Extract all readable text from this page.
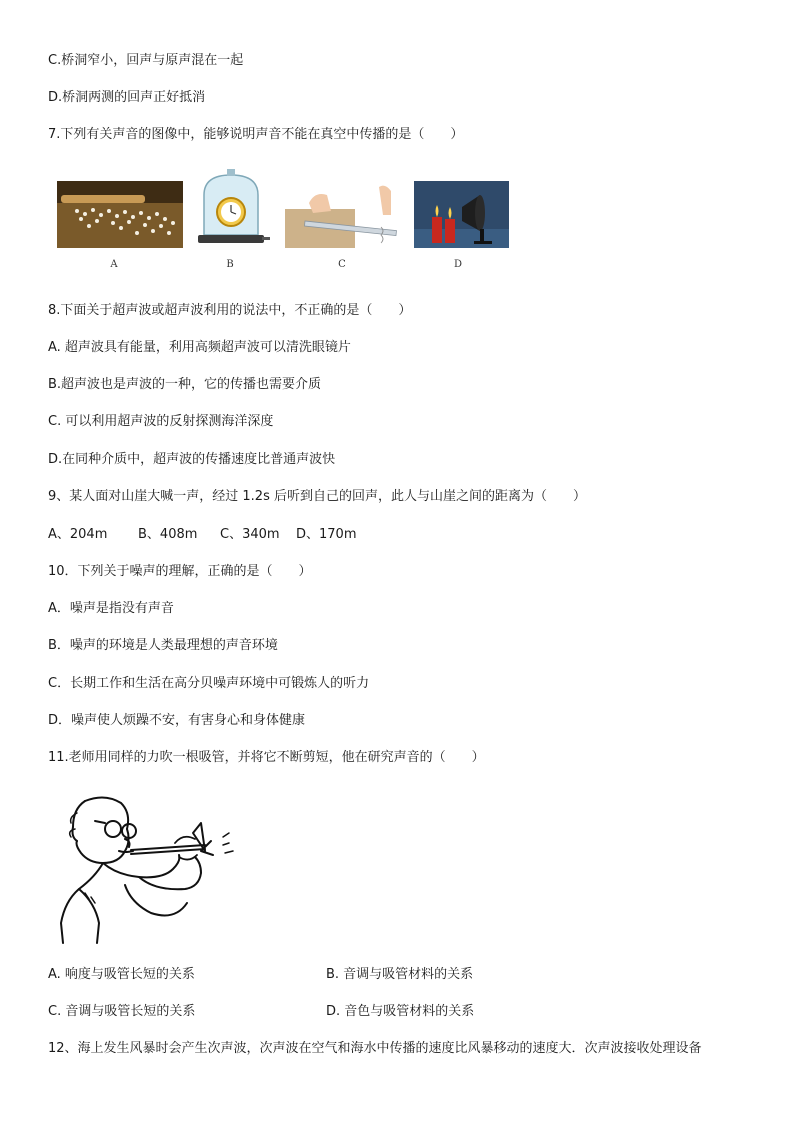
C.桥洞窄小，回声与原声混在一起
D.桥洞两测的回声正好抵消
7.下列有关声音的图像中，能够说明声音不能在真空中传播的是（　　）
A	B	C	D
8.下面关于超声波或超声波利用的说法中，不正确的是（　　）
A. 超声波具有能量，利用高频超声波可以清洗眼镜片
B.超声波也是声波的一种，它的传播也需要介质
C. 可以利用超声波的反射探测海洋深度
D.在同种介质中，超声波的传播速度比普通声波快
9、某人面对山崖大喊一声，经过 1.2s 后听到自己的回声，此人与山崖之间的距离为（　　）
A、204m B、408m C、340m D、170m
10．下列关于噪声的理解，正确的是（　　）
A．噪声是指没有声音
B．噪声的环境是人类最理想的声音环境
C．长期工作和生活在高分贝噪声环境中可锻炼人的听力
D．噪声使人烦躁不安，有害身心和身体健康
11.老师用同样的力吹一根吸管，并将它不断剪短，他在研究声音的（　　）
A. 响度与吸管长短的关系	B. 音调与吸管材料的关系
C. 音调与吸管长短的关系	D. 音色与吸管材料的关系
12、海上发生风暴时会产生次声波，次声波在空气和海水中传播的速度比风暴移动的速度大．次声波接收处理设备
